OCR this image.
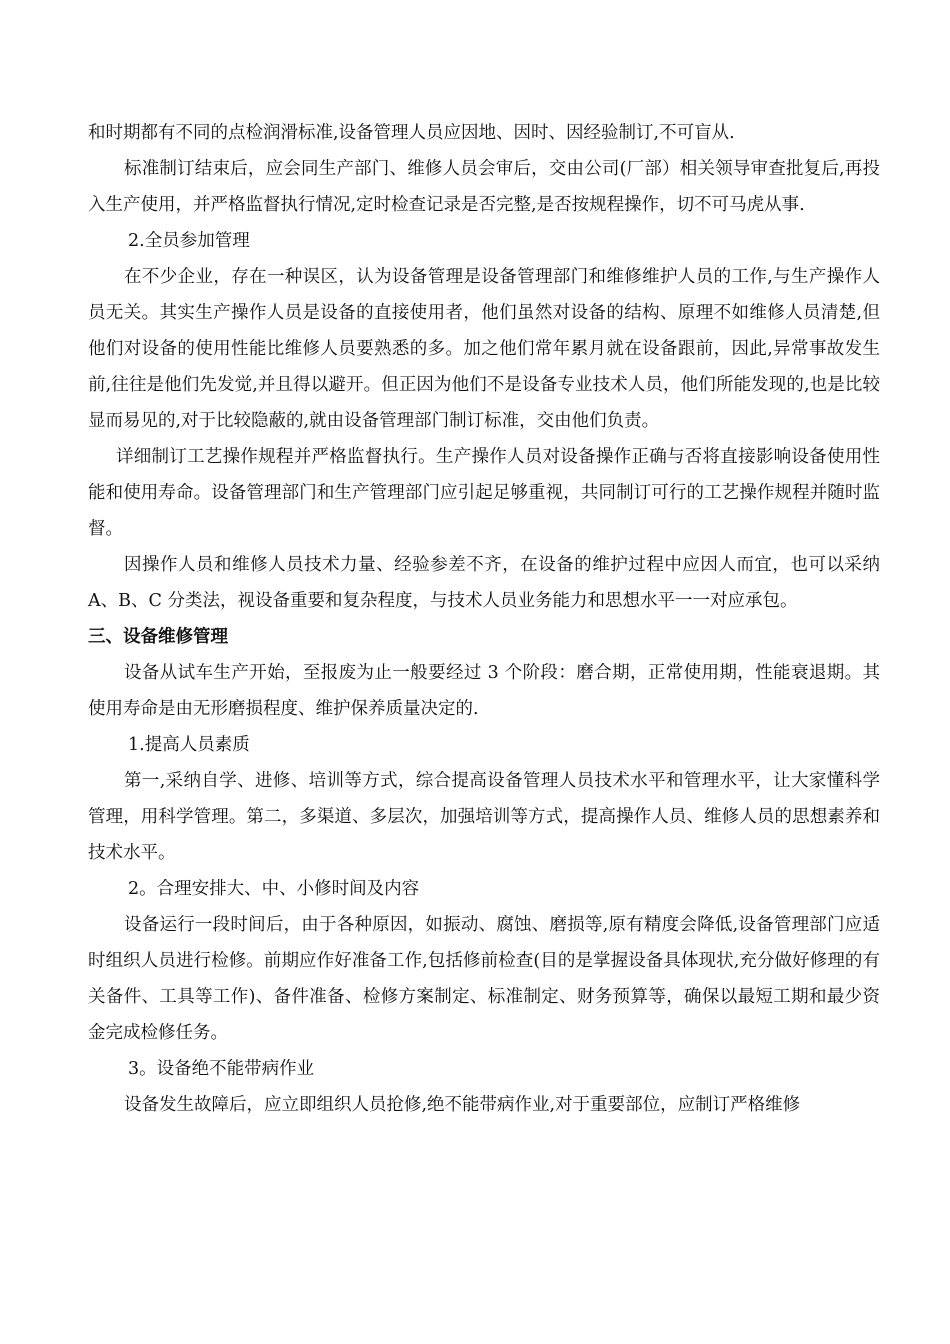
和时期都有不同的点检润滑标准,设备管理人员应因地、因时、因经验制订,不可盲从.

标准制订结束后，应会同生产部门、维修人员会审后，交由公司(厂部）相关领导审查批复后,再投入生产使用，并严格监督执行情况,定时检查记录是否完整,是否按规程操作，切不可马虎从事.

2.全员参加管理

在不少企业，存在一种误区，认为设备管理是设备管理部门和维修维护人员的工作,与生产操作人员无关。其实生产操作人员是设备的直接使用者，他们虽然对设备的结构、原理不如维修人员清楚,但他们对设备的使用性能比维修人员要熟悉的多。加之他们常年累月就在设备跟前，因此,异常事故发生前,往往是他们先发觉,并且得以避开。但正因为他们不是设备专业技术人员，他们所能发现的,也是比较显而易见的,对于比较隐蔽的,就由设备管理部门制订标准，交由他们负责。

详细制订工艺操作规程并严格监督执行。生产操作人员对设备操作正确与否将直接影响设备使用性能和使用寿命。设备管理部门和生产管理部门应引起足够重视，共同制订可行的工艺操作规程并随时监督。

因操作人员和维修人员技术力量、经验参差不齐，在设备的维护过程中应因人而宜，也可以采纳 A、B、C 分类法，视设备重要和复杂程度，与技术人员业务能力和思想水平一一对应承包。

三、设备维修管理

设备从试车生产开始，至报废为止一般要经过 3 个阶段：磨合期，正常使用期，性能衰退期。其使用寿命是由无形磨损程度、维护保养质量决定的.

1.提高人员素质

第一,采纳自学、进修、培训等方式，综合提高设备管理人员技术水平和管理水平，让大家懂科学管理，用科学管理。第二，多渠道、多层次，加强培训等方式，提高操作人员、维修人员的思想素养和技术水平。

2。合理安排大、中、小修时间及内容

设备运行一段时间后，由于各种原因，如振动、腐蚀、磨损等,原有精度会降低,设备管理部门应适时组织人员进行检修。前期应作好准备工作,包括修前检查(目的是掌握设备具体现状,充分做好修理的有关备件、工具等工作)、备件准备、检修方案制定、标准制定、财务预算等，确保以最短工期和最少资金完成检修任务。

3。设备绝不能带病作业

设备发生故障后，应立即组织人员抢修,绝不能带病作业,对于重要部位，应制订严格维修
